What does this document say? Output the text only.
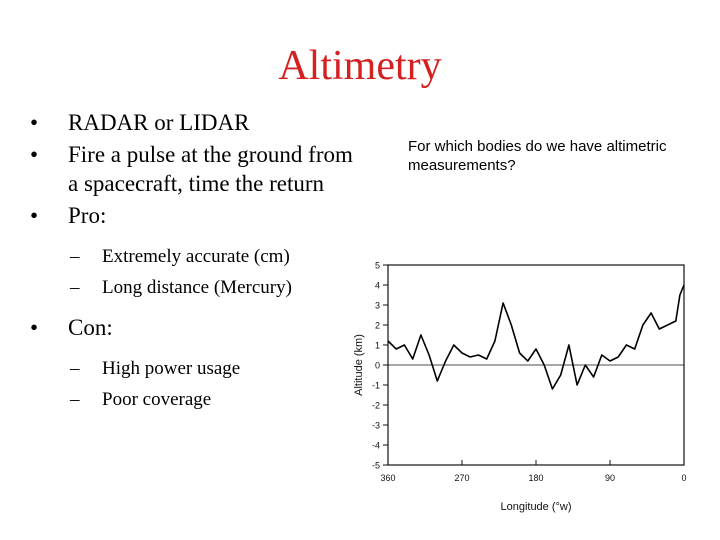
Altimetry
•	RADAR or LIDAR
•	Fire a pulse at the ground from a spacecraft, time the return
•	Pro:
–	Extremely accurate (cm)
–	Long distance (Mercury)
•	Con:
–	High power usage
–	Poor coverage
For which bodies do we have altimetric measurements?
5
4
3
2
1
0
-1
-2
-3
-4
-5
360	270	180	90	0
Longitude (°w)
Altitude (km)
